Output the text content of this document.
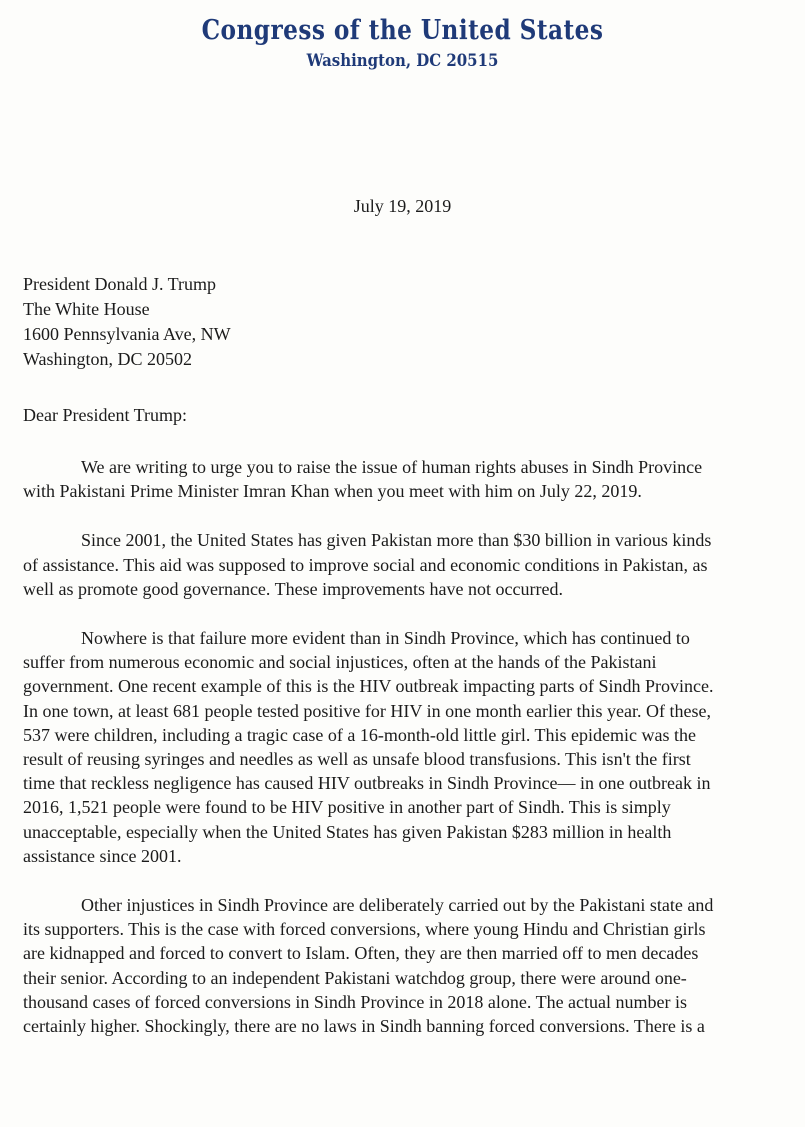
Congress of the United States
Washington, DC 20515
July 19, 2019
President Donald J. Trump
The White House
1600 Pennsylvania Ave, NW
Washington, DC 20502
Dear President Trump:
We are writing to urge you to raise the issue of human rights abuses in Sindh Province
with Pakistani Prime Minister Imran Khan when you meet with him on July 22, 2019.
Since 2001, the United States has given Pakistan more than $30 billion in various kinds
of assistance. This aid was supposed to improve social and economic conditions in Pakistan, as
well as promote good governance. These improvements have not occurred.
Nowhere is that failure more evident than in Sindh Province, which has continued to
suffer from numerous economic and social injustices, often at the hands of the Pakistani
government. One recent example of this is the HIV outbreak impacting parts of Sindh Province.
In one town, at least 681 people tested positive for HIV in one month earlier this year. Of these,
537 were children, including a tragic case of a 16-month-old little girl. This epidemic was the
result of reusing syringes and needles as well as unsafe blood transfusions. This isn't the first
time that reckless negligence has caused HIV outbreaks in Sindh Province— in one outbreak in
2016, 1,521 people were found to be HIV positive in another part of Sindh. This is simply
unacceptable, especially when the United States has given Pakistan $283 million in health
assistance since 2001.
Other injustices in Sindh Province are deliberately carried out by the Pakistani state and
its supporters. This is the case with forced conversions, where young Hindu and Christian girls
are kidnapped and forced to convert to Islam. Often, they are then married off to men decades
their senior. According to an independent Pakistani watchdog group, there were around one-
thousand cases of forced conversions in Sindh Province in 2018 alone. The actual number is
certainly higher. Shockingly, there are no laws in Sindh banning forced conversions. There is a
